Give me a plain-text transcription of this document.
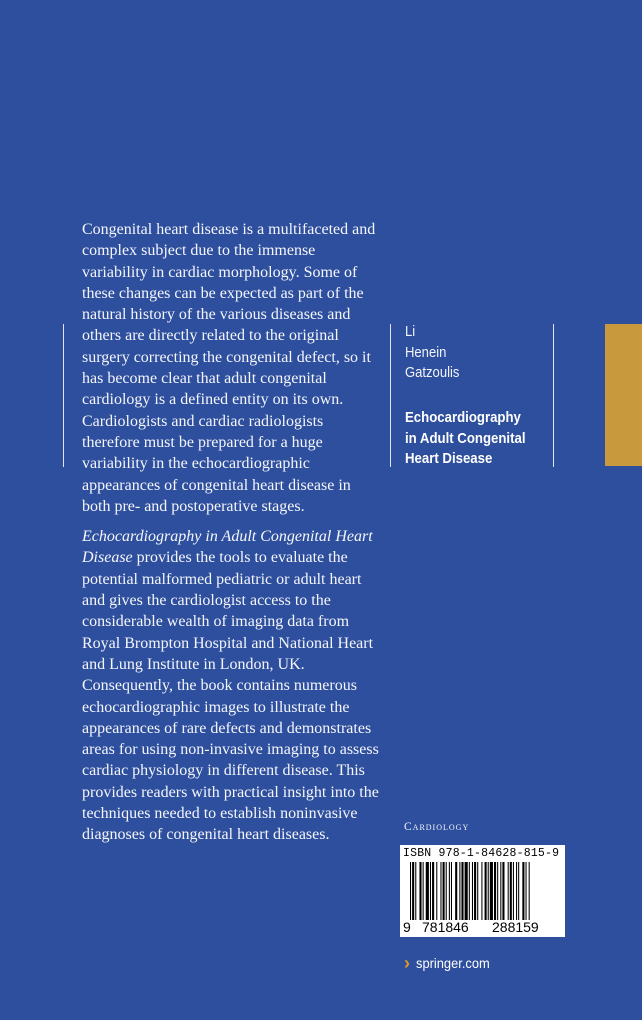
Congenital heart disease is a multifaceted and complex subject due to the immense variability in cardiac morphology. Some of these changes can be expected as part of the natural history of the various diseases and others are directly related to the original surgery correcting the congenital defect, so it has become clear that adult congenital cardiology is a defined entity on its own. Cardiologists and cardiac radiologists therefore must be prepared for a huge variability in the echocardiographic appearances of congenital heart disease in both pre- and postoperative stages.

Echocardiography in Adult Congenital Heart Disease provides the tools to evaluate the potential malformed pediatric or adult heart and gives the cardiologist access to the considerable wealth of imaging data from Royal Brompton Hospital and National Heart and Lung Institute in London, UK. Consequently, the book contains numerous echocardiographic images to illustrate the appearances of rare defects and demonstrates areas for using non-invasive imaging to assess cardiac physiology in different disease. This provides readers with practical insight into the techniques needed to establish noninvasive diagnoses of congenital heart diseases.

Li
Henein
Gatzoulis
Echocardiography
in Adult Congenital
Heart Disease
Cardiology
ISBN 978-1-84628-815-9
9 781846 288159
› springer.com
